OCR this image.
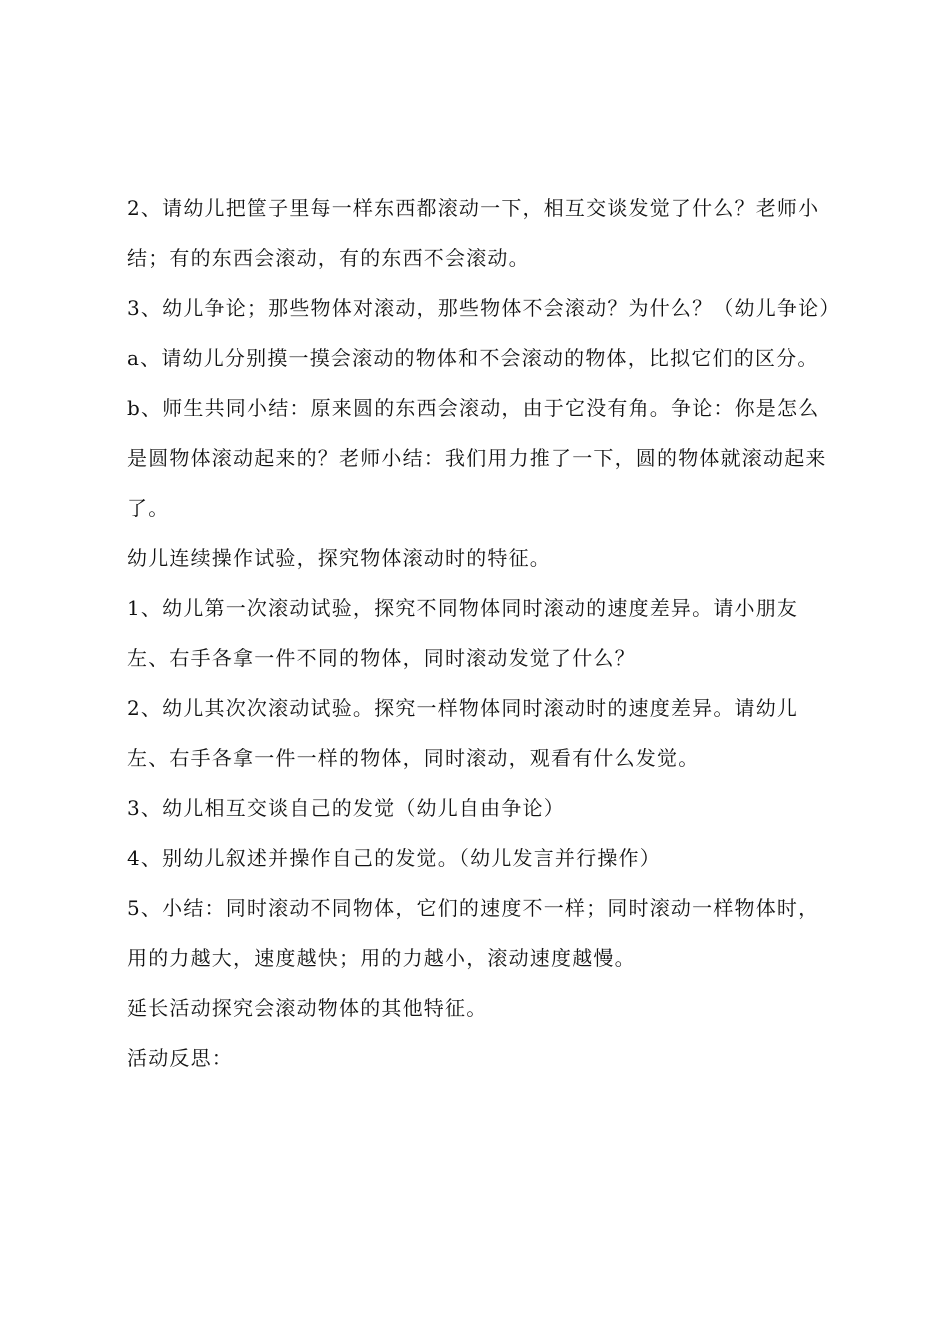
2、请幼儿把筐子里每一样东西都滚动一下，相互交谈发觉了什么？老师小结；有的东西会滚动，有的东西不会滚动。

3、幼儿争论；那些物体对滚动，那些物体不会滚动？为什么？（幼儿争论）

a、请幼儿分别摸一摸会滚动的物体和不会滚动的物体，比拟它们的区分。

b、师生共同小结：原来圆的东西会滚动，由于它没有角。争论：你是怎么是圆物体滚动起来的？老师小结：我们用力推了一下，圆的物体就滚动起来了。

幼儿连续操作试验，探究物体滚动时的特征。

1、幼儿第一次滚动试验，探究不同物体同时滚动的速度差异。请小朋友左、右手各拿一件不同的物体，同时滚动发觉了什么？

2、幼儿其次次滚动试验。探究一样物体同时滚动时的速度差异。请幼儿左、右手各拿一件一样的物体，同时滚动，观看有什么发觉。

3、幼儿相互交谈自己的发觉（幼儿自由争论）

4、别幼儿叙述并操作自己的发觉。（幼儿发言并行操作）

5、小结：同时滚动不同物体，它们的速度不一样；同时滚动一样物体时，用的力越大，速度越快；用的力越小，滚动速度越慢。

延长活动探究会滚动物体的其他特征。

活动反思：
